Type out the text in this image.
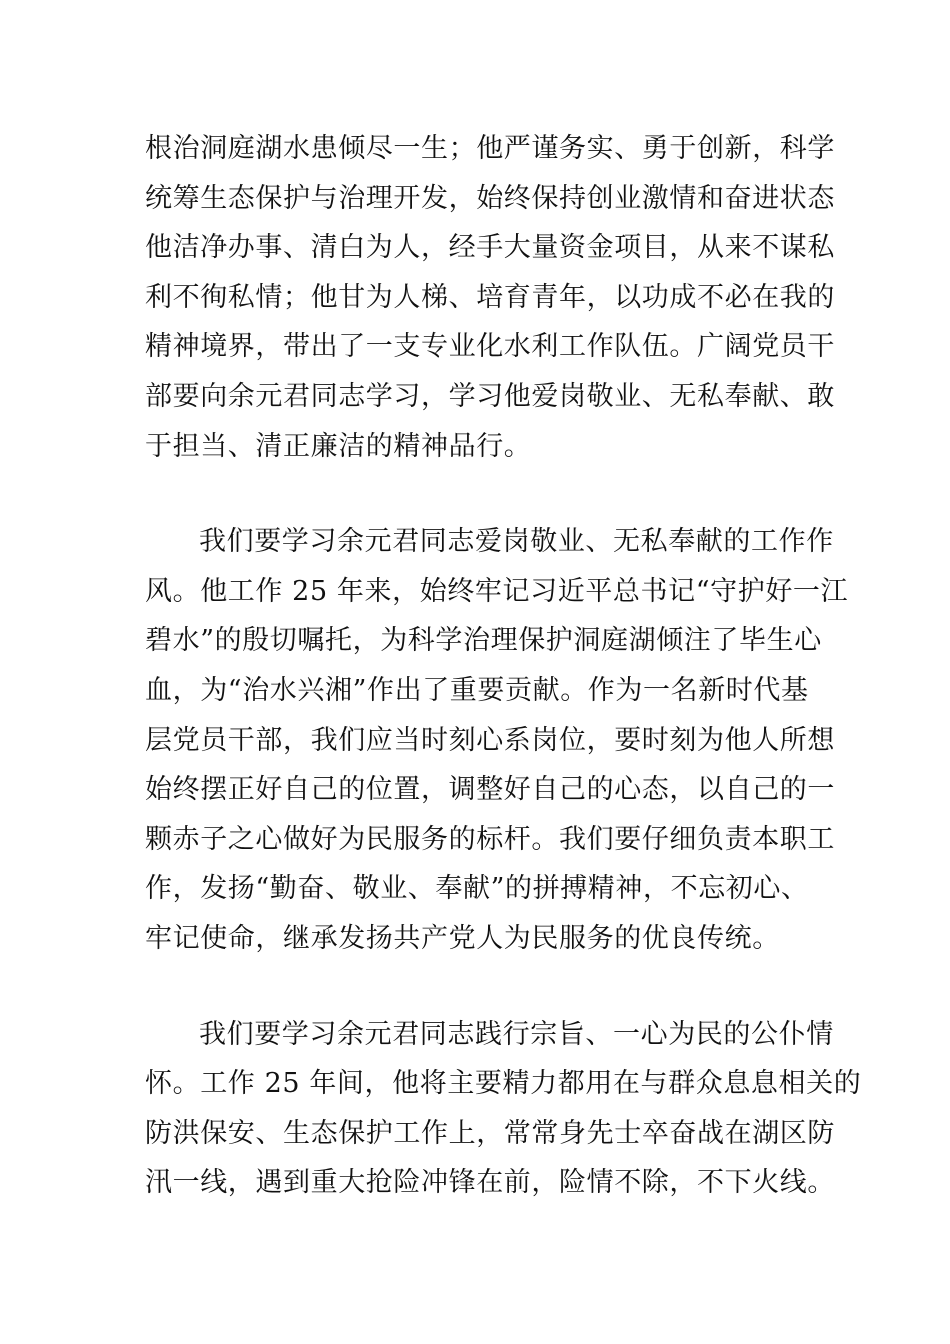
根治洞庭湖水患倾尽一生；他严谨务实、勇于创新，科学
统筹生态保护与治理开发，始终保持创业激情和奋进状态
他洁净办事、清白为人，经手大量资金项目，从来不谋私
利不徇私情；他甘为人梯、培育青年，以功成不必在我的
精神境界，带出了一支专业化水利工作队伍。广阔党员干
部要向余元君同志学习，学习他爱岗敬业、无私奉献、敢
于担当、清正廉洁的精神品行。
我们要学习余元君同志爱岗敬业、无私奉献的工作作
风。他工作 25 年来，始终牢记习近平总书记“守护好一江
碧水”的殷切嘱托，为科学治理保护洞庭湖倾注了毕生心
血，为“治水兴湘”作出了重要贡献。作为一名新时代基
层党员干部，我们应当时刻心系岗位，要时刻为他人所想
始终摆正好自己的位置，调整好自己的心态，以自己的一
颗赤子之心做好为民服务的标杆。我们要仔细负责本职工
作，发扬“勤奋、敬业、奉献”的拼搏精神，不忘初心、
牢记使命，继承发扬共产党人为民服务的优良传统。
我们要学习余元君同志践行宗旨、一心为民的公仆情
怀。工作 25 年间，他将主要精力都用在与群众息息相关的
防洪保安、生态保护工作上，常常身先士卒奋战在湖区防
汛一线，遇到重大抢险冲锋在前，险情不除，不下火线。
